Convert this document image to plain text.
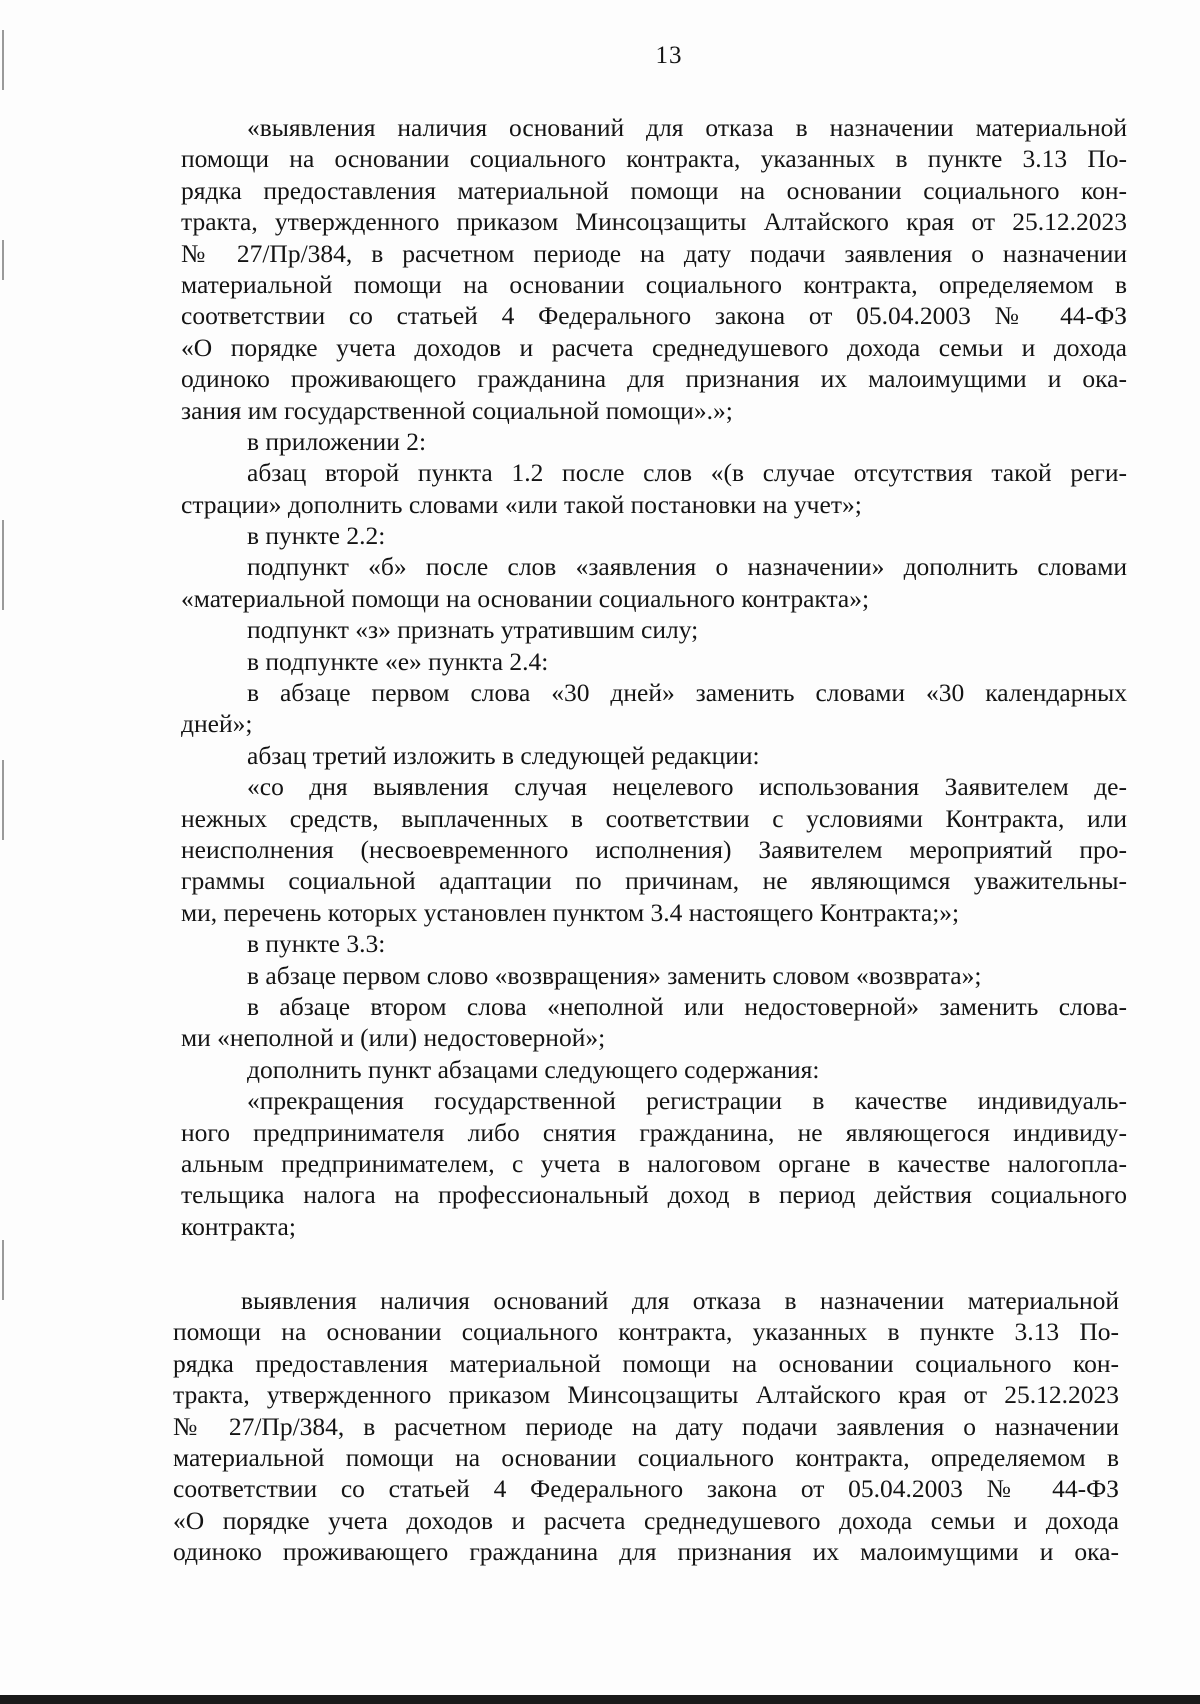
13
«выявления наличия оснований для отказа в назначении материальной
помощи на основании социального контракта, указанных в пункте 3.13 По-
рядка предоставления материальной помощи на основании социального кон-
тракта, утвержденного приказом Минсоцзащиты Алтайского края от 25.12.2023
№ 27/Пр/384, в расчетном периоде на дату подачи заявления о назначении
материальной помощи на основании социального контракта, определяемом в
соответствии со статьей 4 Федерального закона от 05.04.2003 № 44-ФЗ
«О порядке учета доходов и расчета среднедушевого дохода семьи и дохода
одиноко проживающего гражданина для признания их малоимущими и ока-
зания им государственной социальной помощи».»;
в приложении 2:
абзац второй пункта 1.2 после слов «(в случае отсутствия такой реги-
страции» дополнить словами «или такой постановки на учет»;
в пункте 2.2:
подпункт «б» после слов «заявления о назначении» дополнить словами
«материальной помощи на основании социального контракта»;
подпункт «з» признать утратившим силу;
в подпункте «е» пункта 2.4:
в абзаце первом слова «30 дней» заменить словами «30 календарных
дней»;
абзац третий изложить в следующей редакции:
«со дня выявления случая нецелевого использования Заявителем де-
нежных средств, выплаченных в соответствии с условиями Контракта, или
неисполнения (несвоевременного исполнения) Заявителем мероприятий про-
граммы социальной адаптации по причинам, не являющимся уважительны-
ми, перечень которых установлен пунктом 3.4 настоящего Контракта;»;
в пункте 3.3:
в абзаце первом слово «возвращения» заменить словом «возврата»;
в абзаце втором слова «неполной или недостоверной» заменить слова-
ми «неполной и (или) недостоверной»;
дополнить пункт абзацами следующего содержания:
«прекращения государственной регистрации в качестве индивидуаль-
ного предпринимателя либо снятия гражданина, не являющегося индивиду-
альным предпринимателем, с учета в налоговом органе в качестве налогопла-
тельщика налога на профессиональный доход в период действия социального
контракта;
выявления наличия оснований для отказа в назначении материальной
помощи на основании социального контракта, указанных в пункте 3.13 По-
рядка предоставления материальной помощи на основании социального кон-
тракта, утвержденного приказом Минсоцзащиты Алтайского края от 25.12.2023
№ 27/Пр/384, в расчетном периоде на дату подачи заявления о назначении
материальной помощи на основании социального контракта, определяемом в
соответствии со статьей 4 Федерального закона от 05.04.2003 № 44-ФЗ
«О порядке учета доходов и расчета среднедушевого дохода семьи и дохода
одиноко проживающего гражданина для признания их малоимущими и ока-
